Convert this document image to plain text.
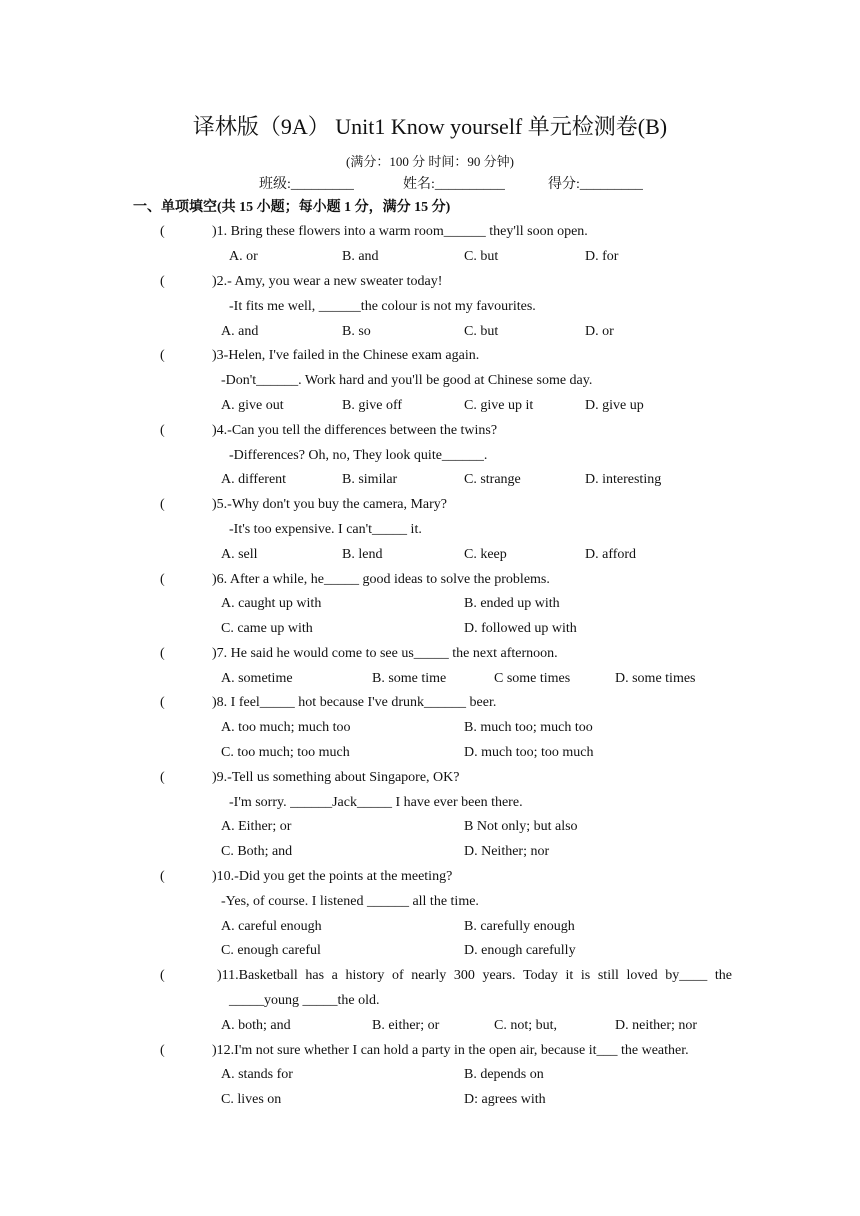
译林版（9A） Unit1 Know yourself 单元检测卷(B)
(满分：100 分 时间：90 分钟)
班级:_________	姓名:__________	得分:_________
一、单项填空(共 15 小题；每小题 1 分，满分 15 分)
(	)1. Bring these flowers into a warm room______ they'll soon open.
A. or	B. and	C. but	D. for
(	)2.- Amy, you wear a new sweater today!
-It fits me well, ______the colour is not my favourites.
A. and	B. so	C. but	D. or
(	)3-Helen, I've failed in the Chinese exam again.
-Don't______. Work hard and you'll be good at Chinese some day.
A. give out	B. give off	C. give up it	D. give up
(	)4.-Can you tell the differences between the twins?
-Differences? Oh, no, They look quite______.
A. different	B. similar	C. strange	D. interesting
(	)5.-Why don't you buy the camera, Mary?
-It's too expensive. I can't_____ it.
A. sell	B. lend	C. keep	D. afford
(	)6. After a while, he_____ good ideas to solve the problems.
A. caught up with	B. ended up with
C. came up with	D. followed up with
(	)7. He said he would come to see us_____ the next afternoon.
A. sometime	B. some time	C some times	D. some times
(	)8. I feel_____ hot because I've drunk______ beer.
A. too much; much too	B. much too; much too
C. too much; too much	D. much too; too much
(	)9.-Tell us something about Singapore, OK?
-I'm sorry. ______Jack_____ I have ever been there.
A. Either; or	B Not only; but also
C. Both; and	D. Neither; nor
(	)10.-Did you get the points at the meeting?
-Yes, of course. I listened ______ all the time.
A. careful enough	B. carefully enough
C. enough careful	D. enough carefully
(	)11.Basketball has a history of nearly 300 years. Today it is still loved by____ the
_____young _____the old.
A. both; and	B. either; or	C. not; but,	D. neither; nor
(	)12.I'm not sure whether I can hold a party in the open air, because it___ the weather.
A. stands for	B. depends on
C. lives on	D: agrees with
